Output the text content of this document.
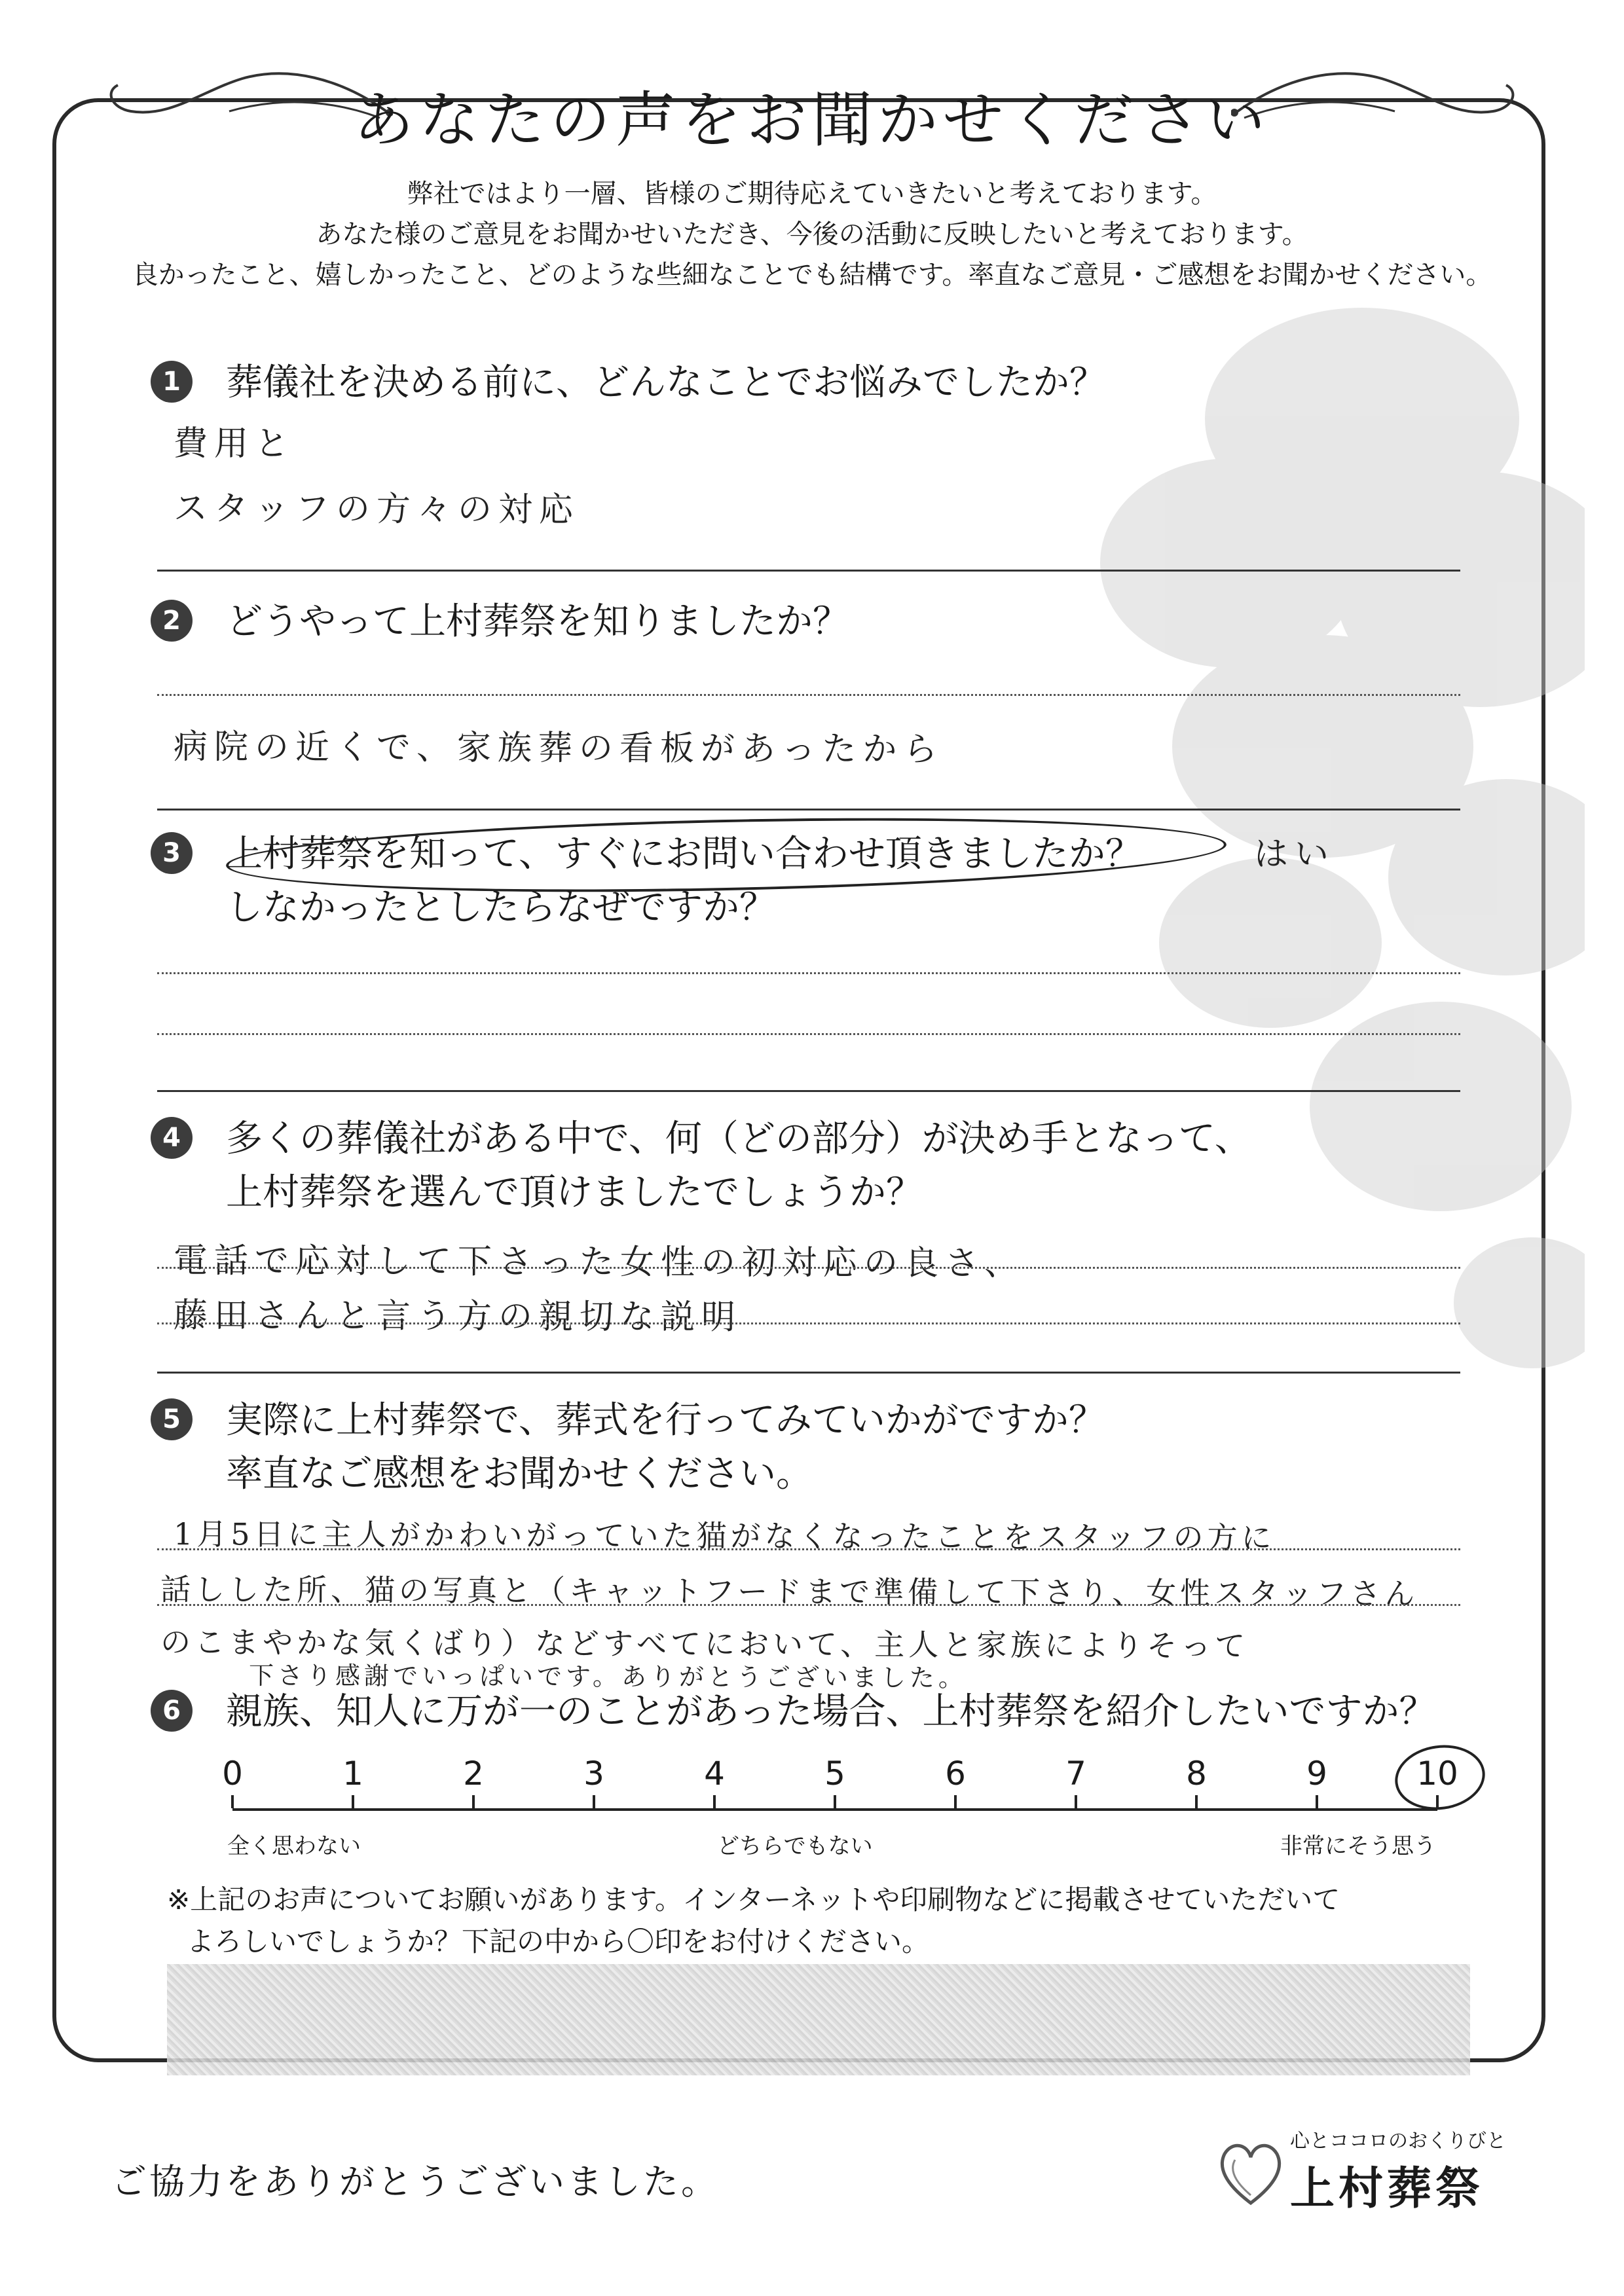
あなたの声をお聞かせください
弊社ではより一層、皆様のご期待応えていきたいと考えております。
あなた様のご意見をお聞かせいただき、今後の活動に反映したいと考えております。
良かったこと、嬉しかったこと、どのような些細なことでも結構です。率直なご意見・ご感想をお聞かせください。
1	葬儀社を決める前に、どんなことでお悩みでしたか？
費用と
スタッフの方々の対応
2	どうやって上村葬祭を知りましたか？
病院の近くで、家族葬の看板があったから
3	上村葬祭を知って、すぐにお問い合わせ頂きましたか？
しなかったとしたらなぜですか？
はい
4	多くの葬儀社がある中で、何（どの部分）が決め手となって、
上村葬祭を選んで頂けましたでしょうか？
電話で応対して下さった女性の初対応の良さ、
藤田さんと言う方の親切な説明
5	実際に上村葬祭で、葬式を行ってみていかがですか？
率直なご感想をお聞かせください。
1月5日に主人がかわいがっていた猫がなくなったことをスタッフの方に
話しした所、猫の写真と（キャットフードまで準備して下さり、女性スタッフさん
のこまやかな気くばり）などすべてにおいて、主人と家族によりそって
下さり感謝でいっぱいです。ありがとうございました。
6	親族、知人に万が一のことがあった場合、上村葬祭を紹介したいですか？
全く思わない	どちらでもない	非常にそう思う
0	1	2	3	4	5	6	7	8	9	10
※上記のお声についてお願いがあります。インターネットや印刷物などに掲載させていただいて
よろしいでしょうか？下記の中から〇印をお付けください。
ご協力をありがとうございました。
心とココロのおくりびと
上村葬祭
